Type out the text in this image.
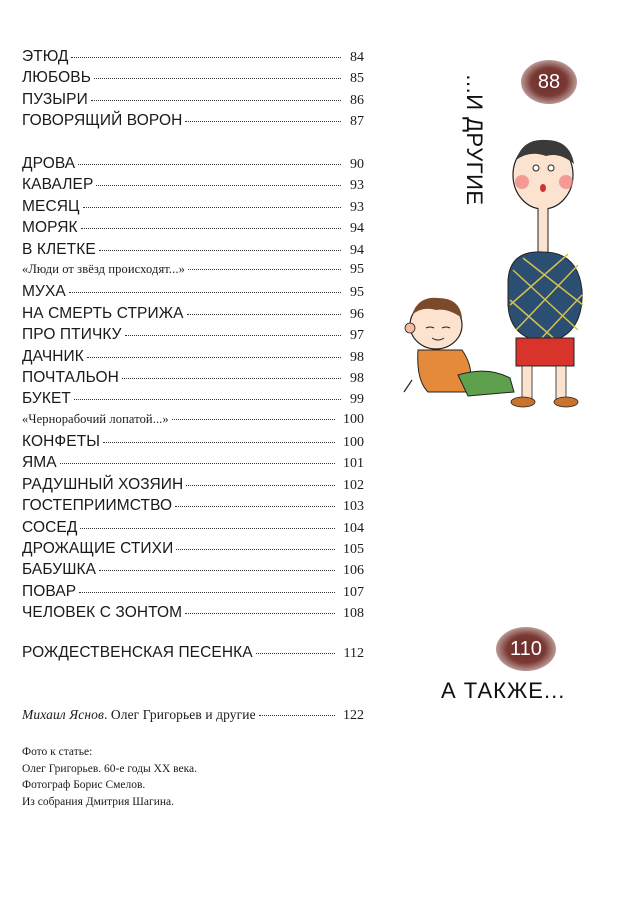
ЭТЮД	84
ЛЮБОВЬ	85
ПУЗЫРИ	86
ГОВОРЯЩИЙ ВОРОН	87
ДРОВА	90
КАВАЛЕР	93
МЕСЯЦ	93
МОРЯК	94
В КЛЕТКЕ	94
«Люди от звёзд происходят...»	95
МУХА	95
НА СМЕРТЬ СТРИЖА	96
ПРО ПТИЧКУ	97
ДАЧНИК	98
ПОЧТАЛЬОН	98
БУКЕТ	99
«Чернорабочий лопатой...»	100
КОНФЕТЫ	100
ЯМА	101
РАДУШНЫЙ ХОЗЯИН	102
ГОСТЕПРИИМСТВО	103
СОСЕД	104
ДРОЖАЩИЕ СТИХИ	105
БАБУШКА	106
ПОВАР	107
ЧЕЛОВЕК С ЗОНТОМ	108
РОЖДЕСТВЕНСКАЯ ПЕСЕНКА	112
Михаил Яснов . Олег Григорьев и другие	122
Фото к статье:
Олег Григорьев. 60-е годы XX века.
Фотограф Борис Смелов.
Из собрания Дмитрия Шагина.
...И ДРУГИЕ	88
110
А ТАКЖЕ...
